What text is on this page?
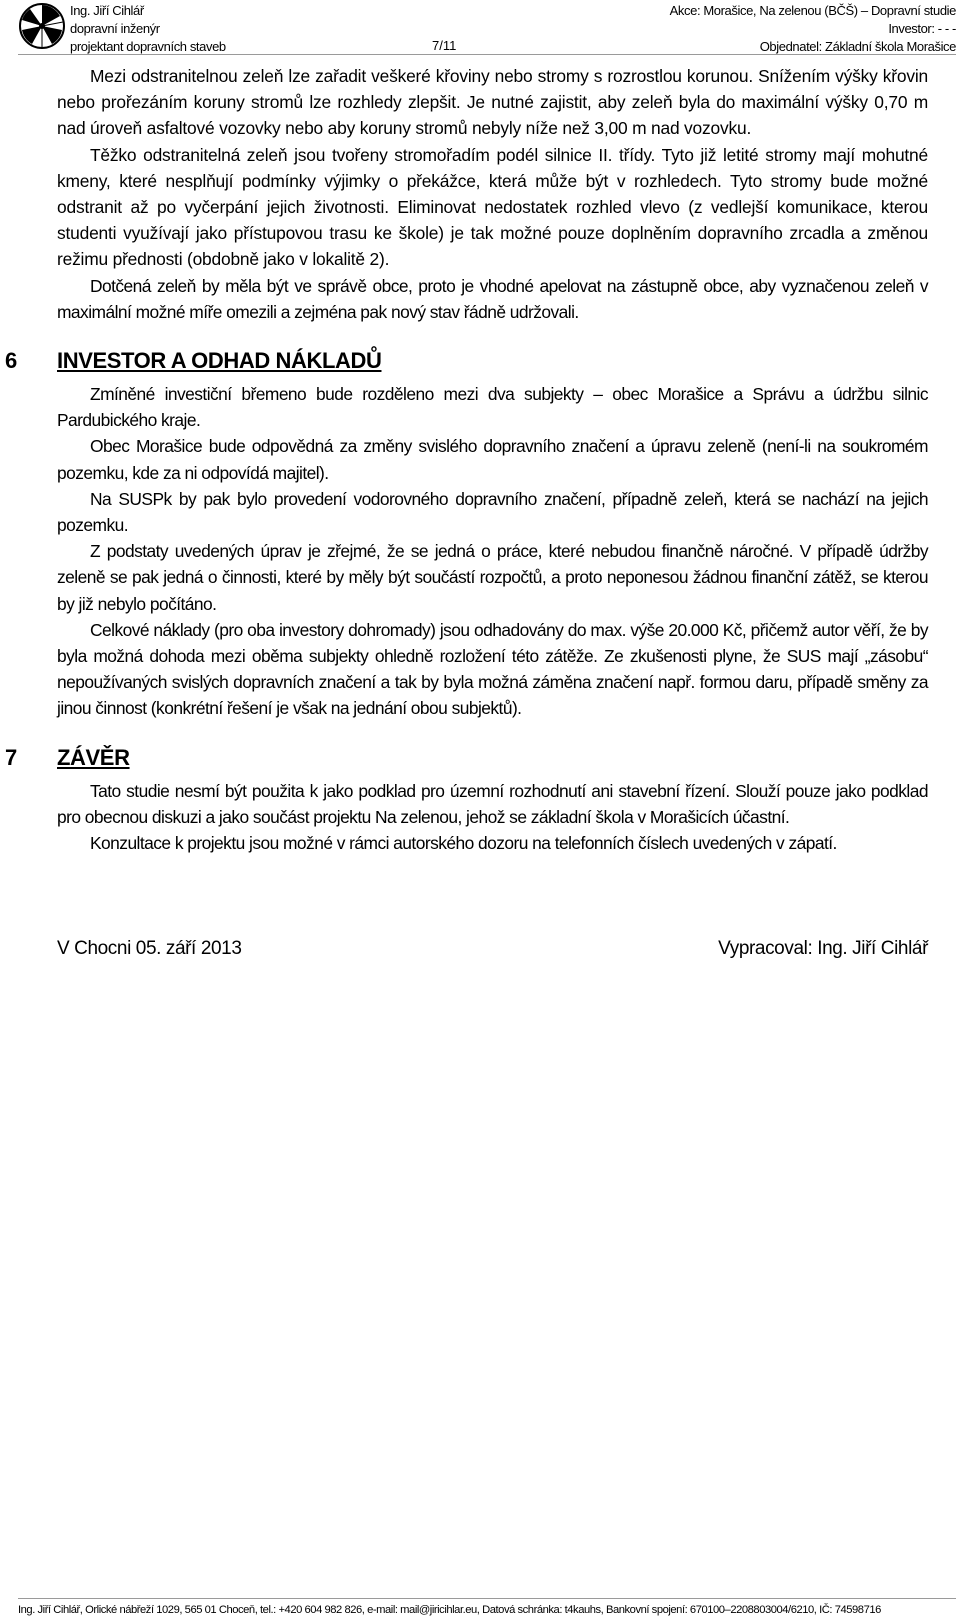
Ing. Jiří Cihlář
dopravní inženýr
projektant dopravních staveb	7/11
Akce: Morašice, Na zelenou (BČŠ) – Dopravní studie
Investor: - - -
Objednatel: Základní škola Morašice

Mezi odstranitelnou zeleň lze zařadit veškeré křoviny nebo stromy s rozrostlou korunou. Snížením výšky křovin nebo prořezáním koruny stromů lze rozhledy zlepšit. Je nutné zajistit, aby zeleň byla do maximální výšky 0,70 m nad úroveň asfaltové vozovky nebo aby koruny stromů nebyly níže než 3,00 m nad vozovku.

Těžko odstranitelná zeleň jsou tvořeny stromořadím podél silnice II. třídy. Tyto již letité stromy mají mohutné kmeny, které nesplňují podmínky výjimky o překážce, která může být v rozhledech. Tyto stromy bude možné odstranit až po vyčerpání jejich životnosti. Eliminovat nedostatek rozhled vlevo (z vedlejší komunikace, kterou studenti využívají jako přístupovou trasu ke škole) je tak možné pouze doplněním dopravního zrcadla a změnou režimu přednosti (obdobně jako v lokalitě 2).

Dotčená zeleň by měla být ve správě obce, proto je vhodné apelovat na zástupně obce, aby vyznačenou zeleň v maximální možné míře omezili a zejména pak nový stav řádně udržovali.

6 INVESTOR A ODHAD NÁKLADŮ

Zmíněné investiční břemeno bude rozděleno mezi dva subjekty – obec Morašice a Správu a údržbu silnic Pardubického kraje.

Obec Morašice bude odpovědná za změny svislého dopravního značení a úpravu zeleně (není-li na soukromém pozemku, kde za ni odpovídá majitel).

Na SUSPk by pak bylo provedení vodorovného dopravního značení, případně zeleň, která se nachází na jejich pozemku.

Z podstaty uvedených úprav je zřejmé, že se jedná o práce, které nebudou finančně náročné. V případě údržby zeleně se pak jedná o činnosti, které by měly být součástí rozpočtů, a proto neponesou žádnou finanční zátěž, se kterou by již nebylo počítáno.

Celkové náklady (pro oba investory dohromady) jsou odhadovány do max. výše 20.000 Kč, přičemž autor věří, že by byla možná dohoda mezi oběma subjekty ohledně rozložení této zátěže. Ze zkušenosti plyne, že SUS mají „zásobu“ nepoužívaných svislých dopravních značení a tak by byla možná záměna značení např. formou daru, případě směny za jinou činnost (konkrétní řešení je však na jednání obou subjektů).

7 ZÁVĚR

Tato studie nesmí být použita k jako podklad pro územní rozhodnutí ani stavební řízení. Slouží pouze jako podklad pro obecnou diskuzi a jako součást projektu Na zelenou, jehož se základní škola v Morašicích účastní.

Konzultace k projektu jsou možné v rámci autorského dozoru na telefonních číslech uvedených v zápatí.

V Chocni 05. září 2013	Vypracoval: Ing. Jiří Cihlář
Ing. Jiří Cihlář, Orlické nábřeží 1029, 565 01 Choceň, tel.: +420 604 982 826, e-mail: mail@jiricihlar.eu, Datová schránka: t4kauhs, Bankovní spojení: 670100–2208803004/6210, IČ: 74598716
